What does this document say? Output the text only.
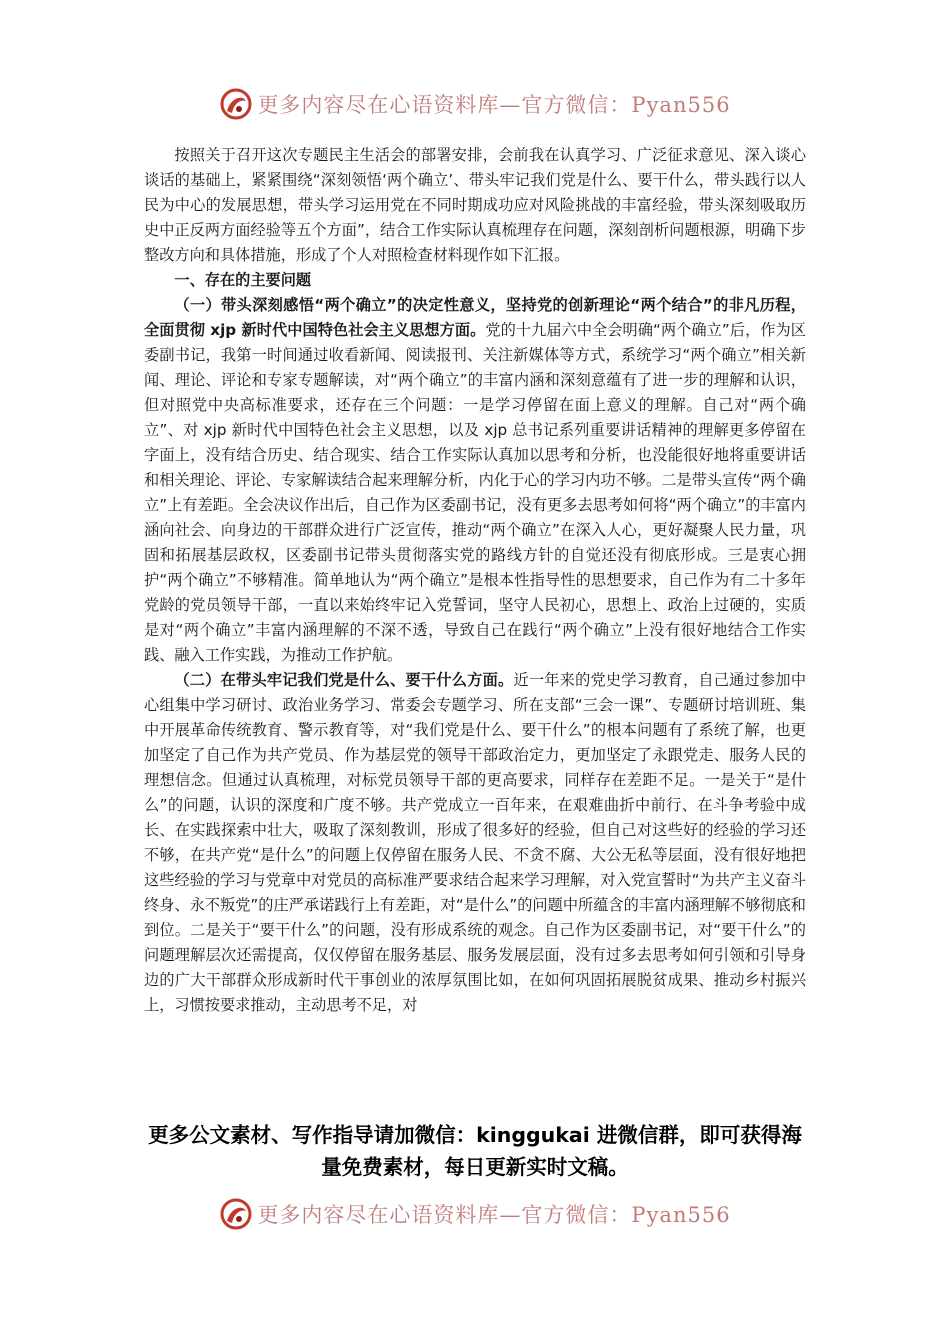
更多内容尽在心语资料库—官方微信：Pyan556

按照关于召开这次专题民主生活会的部署安排，会前我在认真学习、广泛征求意见、深入谈心谈话的基础上，紧紧围绕“深刻领悟‘两个确立’、带头牢记我们党是什么、要干什么，带头践行以人民为中心的发展思想，带头学习运用党在不同时期成功应对风险挑战的丰富经验，带头深刻吸取历史中正反两方面经验等五个方面”，结合工作实际认真梳理存在问题，深刻剖析问题根源，明确下步整改方向和具体措施，形成了个人对照检查材料现作如下汇报。

一、存在的主要问题

（一）带头深刻感悟“两个确立”的决定性意义，坚持党的创新理论“两个结合”的非凡历程，全面贯彻 xjp 新时代中国特色社会主义思想方面。党的十九届六中全会明确“两个确立”后，作为区委副书记，我第一时间通过收看新闻、阅读报刊、关注新媒体等方式，系统学习“两个确立”相关新闻、理论、评论和专家专题解读，对“两个确立”的丰富内涵和深刻意蕴有了进一步的理解和认识，但对照党中央高标准要求，还存在三个问题：一是学习停留在面上意义的理解。自己对“两个确立”、对 xjp 新时代中国特色社会主义思想，以及 xjp 总书记系列重要讲话精神的理解更多停留在字面上，没有结合历史、结合现实、结合工作实际认真加以思考和分析，也没能很好地将重要讲话和相关理论、评论、专家解读结合起来理解分析，内化于心的学习内功不够。二是带头宣传“两个确立”上有差距。全会决议作出后，自己作为区委副书记，没有更多去思考如何将“两个确立”的丰富内涵向社会、向身边的干部群众进行广泛宣传，推动“两个确立”在深入人心，更好凝聚人民力量，巩固和拓展基层政权，区委副书记带头贯彻落实党的路线方针的自觉还没有彻底形成。三是衷心拥护“两个确立”不够精准。简单地认为“两个确立”是根本性指导性的思想要求，自己作为有二十多年党龄的党员领导干部，一直以来始终牢记入党誓词，坚守人民初心，思想上、政治上过硬的，实质是对“两个确立”丰富内涵理解的不深不透，导致自己在践行“两个确立”上没有很好地结合工作实践、融入工作实践，为推动工作护航。

（二）在带头牢记我们党是什么、要干什么方面。近一年来的党史学习教育，自己通过参加中心组集中学习研讨、政治业务学习、常委会专题学习、所在支部“三会一课”、专题研讨培训班、集中开展革命传统教育、警示教育等，对“我们党是什么、要干什么”的根本问题有了系统了解，也更加坚定了自己作为共产党员、作为基层党的领导干部政治定力，更加坚定了永跟党走、服务人民的理想信念。但通过认真梳理，对标党员领导干部的更高要求，同样存在差距不足。一是关于“是什么”的问题，认识的深度和广度不够。共产党成立一百年来，在艰难曲折中前行、在斗争考验中成长、在实践探索中壮大，吸取了深刻教训，形成了很多好的经验，但自己对这些好的经验的学习还不够，在共产党“是什么”的问题上仅停留在服务人民、不贪不腐、大公无私等层面，没有很好地把这些经验的学习与党章中对党员的高标准严要求结合起来学习理解，对入党宣誓时“为共产主义奋斗终身、永不叛党”的庄严承诺践行上有差距，对“是什么”的问题中所蕴含的丰富内涵理解不够彻底和到位。二是关于“要干什么”的问题，没有形成系统的观念。自己作为区委副书记，对“要干什么”的问题理解层次还需提高，仅仅停留在服务基层、服务发展层面，没有过多去思考如何引领和引导身边的广大干部群众形成新时代干事创业的浓厚氛围比如，在如何巩固拓展脱贫成果、推动乡村振兴上，习惯按要求推动，主动思考不足，对

更多公文素材、写作指导请加微信：kinggukai 进微信群，即可获得海量免费素材，每日更新实时文稿。
更多内容尽在心语资料库—官方微信：Pyan556
